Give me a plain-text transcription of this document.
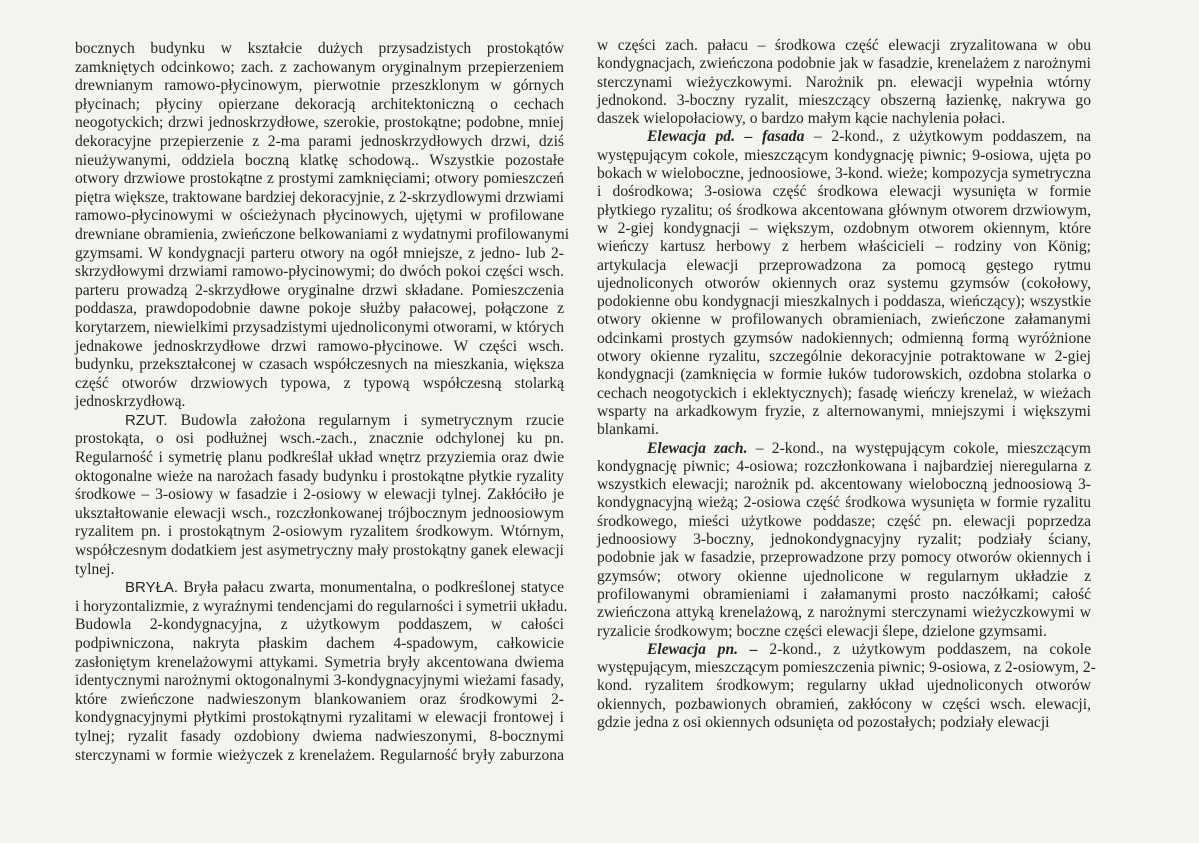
bocznych budynku w kształcie dużych przysadzistych prostokątów
zamkniętych odcinkowo; zach. z zachowanym oryginalnym przepierzeniem
drewnianym ramowo-płycinowym, pierwotnie przeszklonym w górnych
płycinach; płyciny opierzane dekoracją architektoniczną o cechach
neogotyckich; drzwi jednoskrzydłowe, szerokie, prostokątne; podobne, mniej
dekoracyjne przepierzenie z 2-ma parami jednoskrzydłowych drzwi, dziś
nieużywanymi, oddziela boczną klatkę schodową.. Wszystkie pozostałe
otwory drzwiowe prostokątne z prostymi zamknięciami; otwory pomieszczeń
piętra większe, traktowane bardziej dekoracyjnie, z 2-skrzydlowymi drzwiami
ramowo-płycinowymi w ościeżynach płycinowych, ujętymi w profilowane
drewniane obramienia, zwieńczone belkowaniami z wydatnymi profilowanymi
gzymsami. W kondygnacji parteru otwory na ogół mniejsze, z jedno- lub 2-
skrzydłowymi drzwiami ramowo-płycinowymi; do dwóch pokoi części wsch.
parteru prowadzą 2-skrzydłowe oryginalne drzwi składane. Pomieszczenia
poddasza, prawdopodobnie dawne pokoje służby pałacowej, połączone z
korytarzem, niewielkimi przysadzistymi ujednoliconymi otworami, w których
jednakowe jednoskrzydłowe drzwi ramowo-płycinowe. W części wsch.
budynku, przekształconej w czasach współczesnych na mieszkania, większa
część otworów drzwiowych typowa, z typową współczesną stolarką
jednoskrzydłową.
RZUT. Budowla założona regularnym i symetrycznym rzucie
prostokąta, o osi podłużnej wsch.-zach., znacznie odchylonej ku pn.
Regularność i symetrię planu podkreślał układ wnętrz przyziemia oraz dwie
oktogonalne wieże na narożach fasady budynku i prostokątne płytkie ryzality
środkowe – 3-osiowy w fasadzie i 2-osiowy w elewacji tylnej. Zakłóciło je
ukształtowanie elewacji wsch., rozczłonkowanej trójbocznym jednoosiowym
ryzalitem pn. i prostokątnym 2-osiowym ryzalitem środkowym. Wtórnym,
współczesnym dodatkiem jest asymetryczny mały prostokątny ganek elewacji
tylnej.
BRYŁA. Bryła pałacu zwarta, monumentalna, o podkreślonej statyce
i horyzontalizmie, z wyraźnymi tendencjami do regularności i symetrii układu.
Budowla 2-kondygnacyjna, z użytkowym poddaszem, w całości
podpiwniczona, nakryta płaskim dachem 4-spadowym, całkowicie
zasłoniętym krenelażowymi attykami. Symetria bryły akcentowana dwiema
identycznymi narożnymi oktogonalnymi 3-kondygnacyjnymi wieżami fasady,
które zwieńczone nadwieszonym blankowaniem oraz środkowymi 2-
kondygnacyjnymi płytkimi prostokątnymi ryzalitami w elewacji frontowej i
tylnej; ryzalit fasady ozdobiony dwiema nadwieszonymi, 8-bocznymi
sterczynami w formie wieżyczek z krenelażem. Regularność bryły zaburzona
w części zach. pałacu – środkowa część elewacji zryzalitowana w obu
kondygnacjach, zwieńczona podobnie jak w fasadzie, krenelażem z narożnymi
sterczynami wieżyczkowymi. Narożnik pn. elewacji wypełnia wtórny
jednokond. 3-boczny ryzalit, mieszczący obszerną łazienkę, nakrywa go
daszek wielopołaciowy, o bardzo małym kącie nachylenia połaci.
Elewacja pd. – fasada – 2-kond., z użytkowym poddaszem, na
występującym cokole, mieszczącym kondygnację piwnic; 9-osiowa, ujęta po
bokach w wieloboczne, jednoosiowe, 3-kond. wieże; kompozycja symetryczna
i dośrodkowa; 3-osiowa część środkowa elewacji wysunięta w formie
płytkiego ryzalitu; oś środkowa akcentowana głównym otworem drzwiowym,
w 2-giej kondygnacji – większym, ozdobnym otworem okiennym, które
wieńczy kartusz herbowy z herbem właścicieli – rodziny von König;
artykulacja elewacji przeprowadzona za pomocą gęstego rytmu
ujednoliconych otworów okiennych oraz systemu gzymsów (cokołowy,
podokienne obu kondygnacji mieszkalnych i poddasza, wieńczący); wszystkie
otwory okienne w profilowanych obramieniach, zwieńczone załamanymi
odcinkami prostych gzymsów nadokiennych; odmienną formą wyróżnione
otwory okienne ryzalitu, szczególnie dekoracyjnie potraktowane w 2-giej
kondygnacji (zamknięcia w formie łuków tudorowskich, ozdobna stolarka o
cechach neogotyckich i eklektycznych); fasadę wieńczy krenelaż, w wieżach
wsparty na arkadkowym fryzie, z alternowanymi, mniejszymi i większymi
blankami.
Elewacja zach. – 2-kond., na występującym cokole, mieszczącym
kondygnację piwnic; 4-osiowa; rozczłonkowana i najbardziej nieregularna z
wszystkich elewacji; narożnik pd. akcentowany wieloboczną jednoosiową 3-
kondygnacyjną wieżą; 2-osiowa część środkowa wysunięta w formie ryzalitu
środkowego, mieści użytkowe poddasze; część pn. elewacji poprzedza
jednoosiowy 3-boczny, jednokondygnacyjny ryzalit; podziały ściany,
podobnie jak w fasadzie, przeprowadzone przy pomocy otworów okiennych i
gzymsów; otwory okienne ujednolicone w regularnym układzie z
profilowanymi obramieniami i załamanymi prosto naczółkami; całość
zwieńczona attyką krenelażową, z narożnymi sterczynami wieżyczkowymi w
ryzalicie środkowym; boczne części elewacji ślepe, dzielone gzymsami.
Elewacja pn. – 2-kond., z użytkowym poddaszem, na cokole
występującym, mieszczącym pomieszczenia piwnic; 9-osiowa, z 2-osiowym, 2-
kond. ryzalitem środkowym; regularny układ ujednoliconych otworów
okiennych, pozbawionych obramień, zakłócony w części wsch. elewacji,
gdzie jedna z osi okiennych odsunięta od pozostałych; podziały elewacji
